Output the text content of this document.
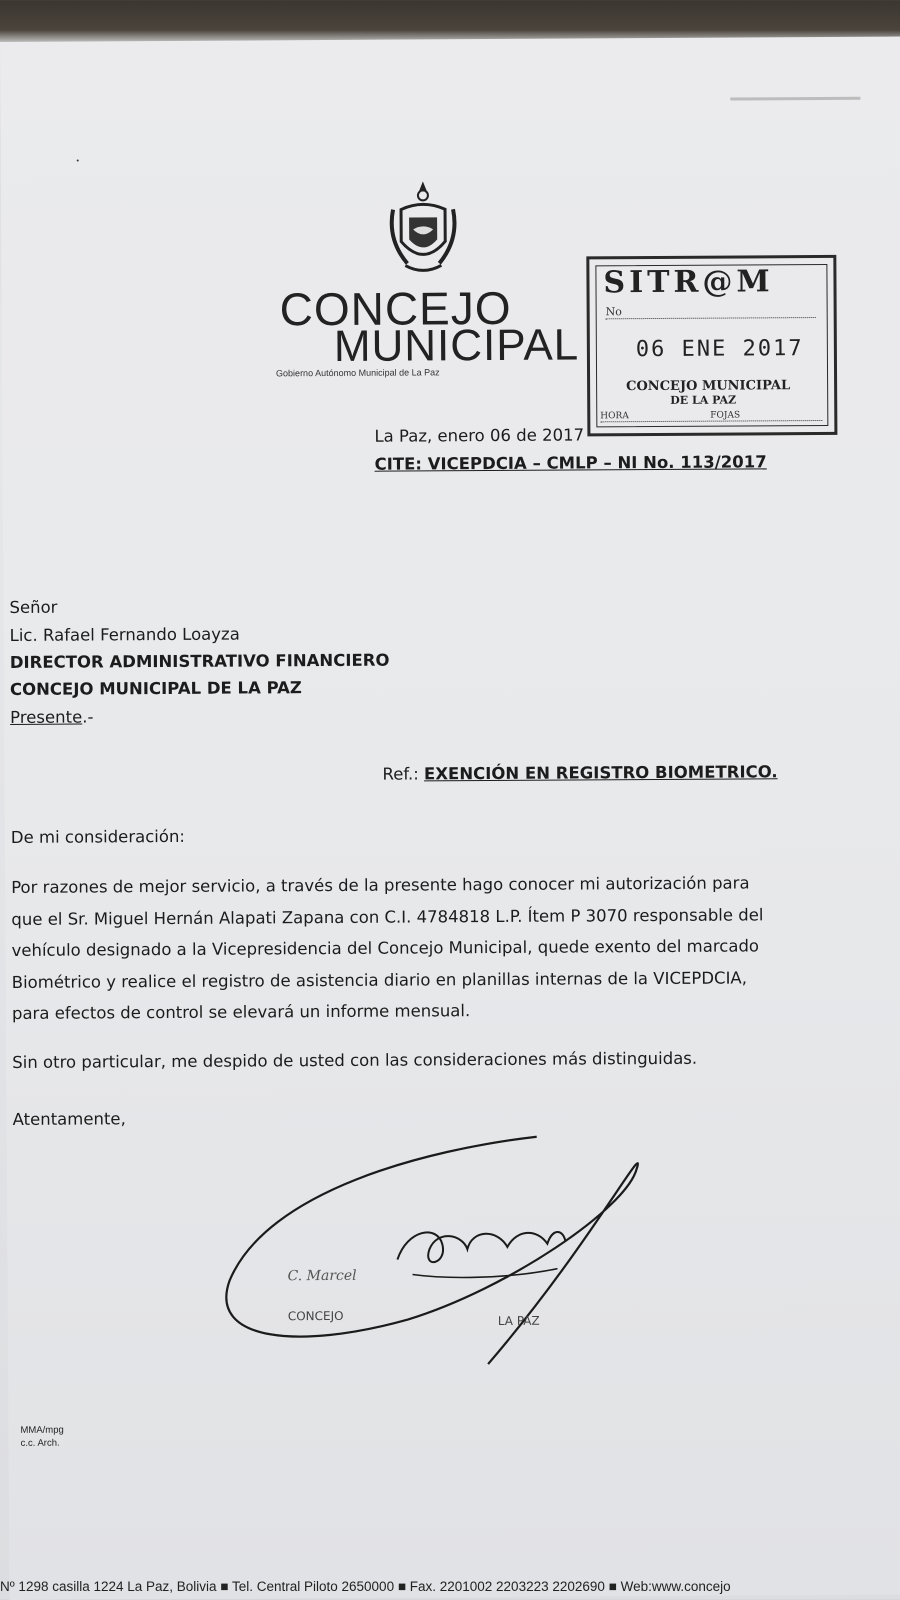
CONCEJO
MUNICIPAL
Gobierno Autónomo Municipal de La Paz
SITR@M
No
06 ENE 2017
CONCEJO MUNICIPAL
DE LA PAZ
HORA	FOJAS
La Paz, enero 06 de 2017
CITE: VICEPDCIA – CMLP – NI No. 113/2017
Señor
Lic. Rafael Fernando Loayza
DIRECTOR ADMINISTRATIVO FINANCIERO
CONCEJO MUNICIPAL DE LA PAZ
Presente.-
Ref.: EXENCIÓN EN REGISTRO BIOMETRICO.
De mi consideración:
Por razones de mejor servicio, a través de la presente hago conocer mi autorización para
que el Sr. Miguel Hernán Alapati Zapana con C.I. 4784818 L.P. Ítem P 3070 responsable del
vehículo designado a la Vicepresidencia del Concejo Municipal, quede exento del marcado
Biométrico y realice el registro de asistencia diario en planillas internas de la VICEPDCIA,
para efectos de control se elevará un informe mensual.
Sin otro particular, me despido de usted con las consideraciones más distinguidas.
Atentamente,
C. Marcel
CONCEJO	LA PAZ
MMA/mpg
c.c. Arch.
Nº 1298 casilla 1224 La Paz, Bolivia ■ Tel. Central Piloto 2650000 ■ Fax. 2201002 2203223 2202690 ■ Web:www.concejo
